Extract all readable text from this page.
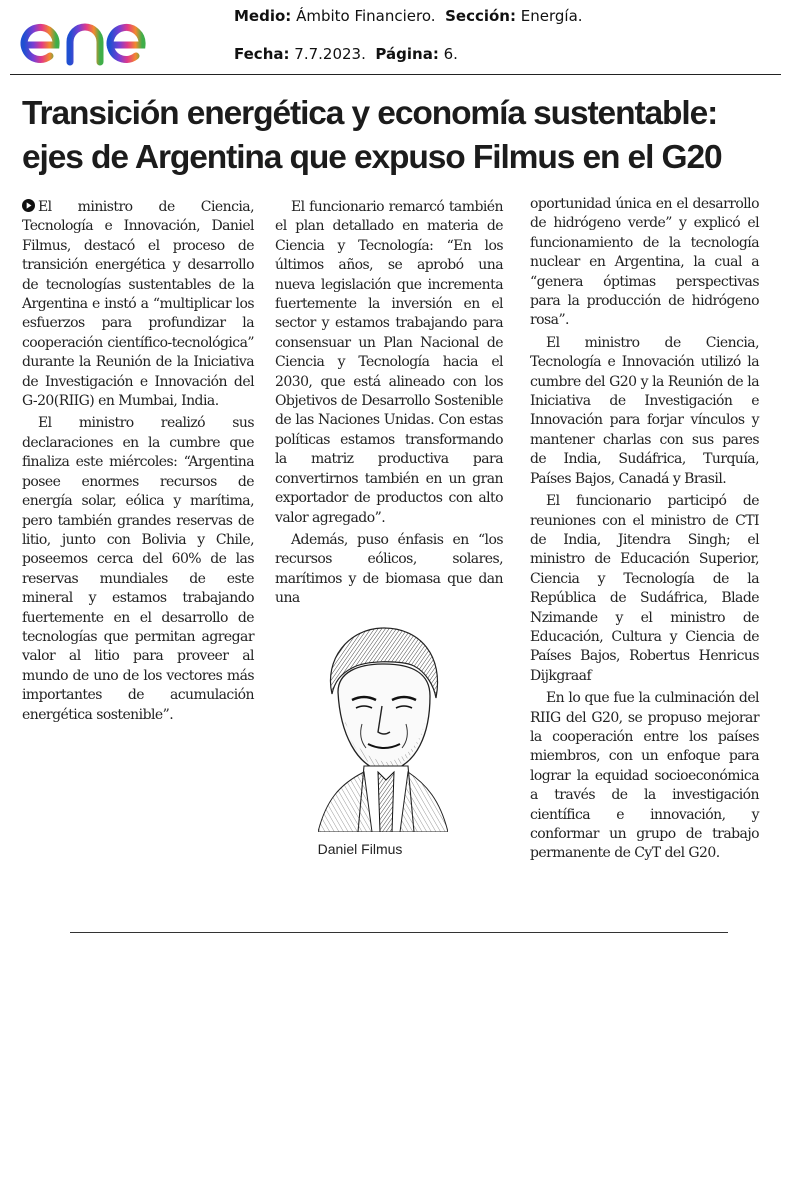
enel
Medio: Ámbito Financiero. Sección: Energía.
Fecha: 7.7.2023. Página: 6.
Transición energética y economía sustentable:
ejes de Argentina que expuso Filmus en el G20

El ministro de Ciencia, Tecnología e Innovación, Daniel Filmus, destacó el proceso de transición energética y desarrollo de tecnologías sustentables de la Argentina e instó a “multiplicar los esfuerzos para profundizar la cooperación científico-tecnológica” durante la Reunión de la Iniciativa de Investigación e Innovación del G-20(RIIG) en Mumbai, India.

El ministro realizó sus declaraciones en la cumbre que finaliza este miércoles: “Argentina posee enormes recursos de energía solar, eólica y marítima, pero también grandes reservas de litio, junto con Bolivia y Chile, poseemos cerca del 60% de las reservas mundiales de este mineral y estamos trabajando fuertemente en el desarrollo de tecnologías que permitan agregar valor al litio para proveer al mundo de uno de los vectores más importantes de acumulación energética sostenible”.

El funcionario remarcó también el plan detallado en materia de Ciencia y Tecnología: “En los últimos años, se aprobó una nueva legislación que incrementa fuertemente la inversión en el sector y estamos trabajando para consensuar un Plan Nacional de Ciencia y Tecnología hacia el 2030, que está alineado con los Objetivos de Desarrollo Sostenible de las Naciones Unidas. Con estas políticas estamos transformando la matriz productiva para convertirnos también en un gran exportador de productos con alto valor agregado”.

Además, puso énfasis en “los recursos eólicos, solares, marítimos y de biomasa que dan una

Daniel Filmus

oportunidad única en el desarrollo de hidrógeno verde” y explicó el funcionamiento de la tecnología nuclear en Argentina, la cual a “genera óptimas perspectivas para la producción de hidrógeno rosa”.

El ministro de Ciencia, Tecnología e Innovación utilizó la cumbre del G20 y la Reunión de la Iniciativa de Investigación e Innovación para forjar vínculos y mantener charlas con sus pares de India, Sudáfrica, Turquía, Países Bajos, Canadá y Brasil.

El funcionario participó de reuniones con el ministro de CTI de India, Jitendra Singh; el ministro de Educación Superior, Ciencia y Tecnología de la República de Sudáfrica, Blade Nzimande y el ministro de Educación, Cultura y Ciencia de Países Bajos, Robertus Henricus Dijkgraaf

En lo que fue la culminación del RIIG del G20, se propuso mejorar la cooperación entre los países miembros, con un enfoque para lograr la equidad socioeconómica a través de la investigación científica e innovación, y conformar un grupo de trabajo permanente de CyT del G20.
